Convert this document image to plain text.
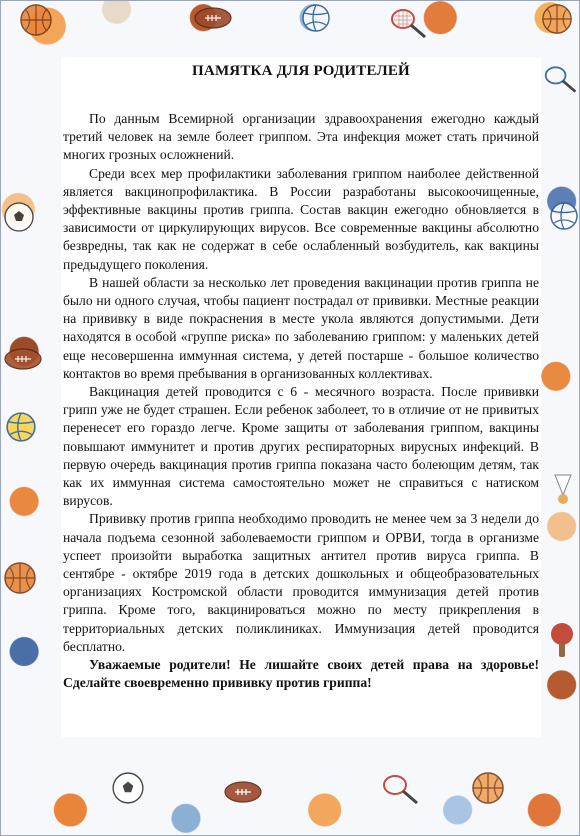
ПАМЯТКА ДЛЯ РОДИТЕЛЕЙ

По данным Всемирной организации здравоохранения ежегодно каждый третий человек на земле болеет гриппом. Эта инфекция может стать причиной многих грозных осложнений.

Среди всех мер профилактики заболевания гриппом наиболее действенной является вакцинопрофилактика. В России разработаны высокоочищенные, эффективные вакцины против гриппа. Состав вакцин ежегодно обновляется в зависимости от циркулирующих вирусов. Все современные вакцины абсолютно безвредны, так как не содержат в себе ослабленный возбудитель, как вакцины предыдущего поколения.

В нашей области за несколько лет проведения вакцинации против гриппа не было ни одного случая, чтобы пациент пострадал от прививки. Местные реакции на прививку в виде покраснения в месте укола являются допустимыми. Дети находятся в особой «группе риска» по заболеванию гриппом: у маленьких детей еще несовершенна иммунная система, у детей постарше - большое количество контактов во время пребывания в организованных коллективах.

Вакцинация детей проводится с 6 - месячного возраста. После прививки грипп уже не будет страшен. Если ребенок заболеет, то в отличие от не привитых перенесет его гораздо легче. Кроме защиты от заболевания гриппом, вакцины повышают иммунитет и против других респираторных вирусных инфекций. В первую очередь вакцинация против гриппа показана часто болеющим детям, так как их иммунная система самостоятельно может не справиться с натиском вирусов.

Прививку против гриппа необходимо проводить не менее чем за 3 недели до начала подъема сезонной заболеваемости гриппом и ОРВИ, тогда в организме успеет произойти выработка защитных антител против вируса гриппа. В сентябре - октябре 2019 года в детских дошкольных и общеобразовательных организациях Костромской области проводится иммунизация детей против гриппа. Кроме того, вакцинироваться можно по месту прикрепления в территориальных детских поликлиниках. Иммунизация детей проводится бесплатно.

Уважаемые родители! Не лишайте своих детей права на здоровье! Сделайте своевременно прививку против гриппа!
